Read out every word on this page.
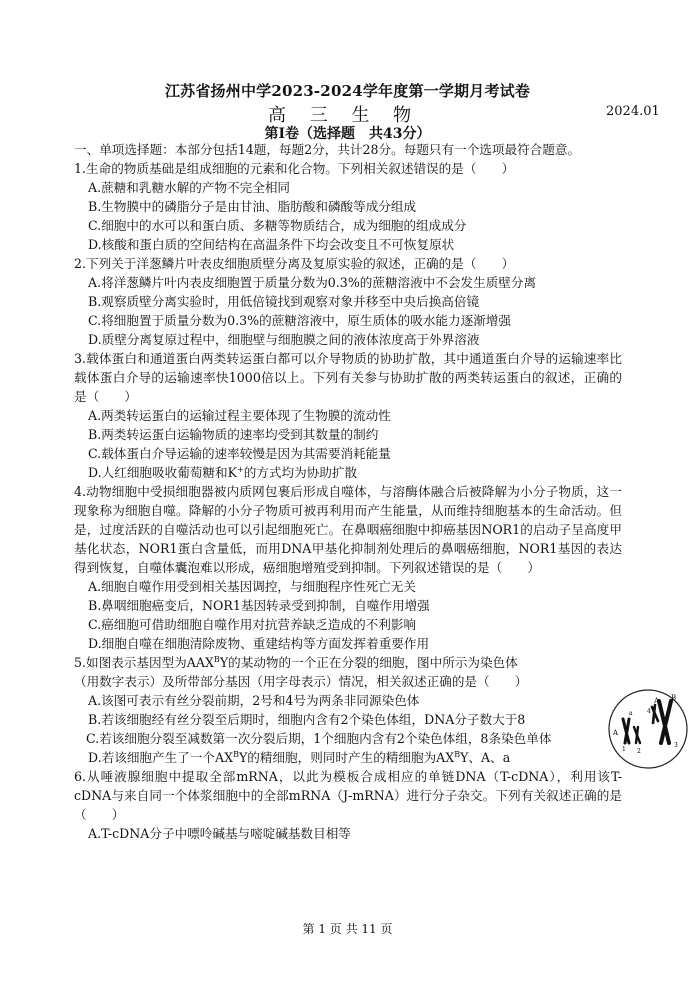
江苏省扬州中学2023-2024学年度第一学期月考试卷
高 三 生 物	2024.01
第Ⅰ卷（选择题　共43分）

一、单项选择题：本部分包括14题，每题2分，共计28分。每题只有一个选项最符合题意。

1.生命的物质基础是组成细胞的元素和化合物。下列相关叙述错误的是（　　）

A.蔗糖和乳糖水解的产物不完全相同

B.生物膜中的磷脂分子是由甘油、脂肪酸和磷酸等成分组成

C.细胞中的水可以和蛋白质、多糖等物质结合，成为细胞的组成成分

D.核酸和蛋白质的空间结构在高温条件下均会改变且不可恢复原状

2.下列关于洋葱鳞片叶表皮细胞质壁分离及复原实验的叙述，正确的是（　　）

A.将洋葱鳞片叶内表皮细胞置于质量分数为0.3%的蔗糖溶液中不会发生质壁分离

B.观察质壁分离实验时，用低倍镜找到观察对象并移至中央后换高倍镜

C.将细胞置于质量分数为0.3%的蔗糖溶液中，原生质体的吸水能力逐渐增强

D.质壁分离复原过程中，细胞壁与细胞膜之间的液体浓度高于外界溶液

3.载体蛋白和通道蛋白两类转运蛋白都可以介导物质的协助扩散，其中通道蛋白介导的运输速率比载体蛋白介导的运输速率快1000倍以上。下列有关参与协助扩散的两类转运蛋白的叙述，正确的是（　　）

A.两类转运蛋白的运输过程主要体现了生物膜的流动性

B.两类转运蛋白运输物质的速率均受到其数量的制约

C.载体蛋白介导运输的速率较慢是因为其需要消耗能量

D.人红细胞吸收葡萄糖和K+的方式均为协助扩散

4.动物细胞中受损细胞器被内质网包裹后形成自噬体，与溶酶体融合后被降解为小分子物质，这一现象称为细胞自噬。降解的小分子物质可被再利用而产生能量，从而维持细胞基本的生命活动。但是，过度活跃的自噬活动也可以引起细胞死亡。在鼻咽癌细胞中抑癌基因NOR1的启动子呈高度甲基化状态，NOR1蛋白含量低，而用DNA甲基化抑制剂处理后的鼻咽癌细胞，NOR1基因的表达得到恢复，自噬体囊泡难以形成，癌细胞增殖受到抑制。下列叙述错误的是（　　）

A.细胞自噬作用受到相关基因调控，与细胞程序性死亡无关

B.鼻咽细胞癌变后，NOR1基因转录受到抑制，自噬作用增强

C.癌细胞可借助细胞自噬作用对抗营养缺乏造成的不利影响

D.细胞自噬在细胞清除废物、重建结构等方面发挥着重要作用

5.如图表示基因型为$AAX^BY$的某动物的一个正在分裂的细胞，图中所示为染色体

（用数字表示）及所带部分基因（用字母表示）情况，相关叙述正确的是（　　）

A.该图可表示有丝分裂前期，2号和4号为两条非同源染色体

B.若该细胞经有丝分裂至后期时，细胞内含有2个染色体组，DNA分子数大于8

C.若该细胞分裂至减数第一次分裂后期，1个细胞内含有2个染色体组，8条染色单体

D.若该细胞产生了一个$AX^BY$的精细胞，则同时产生的精细胞为$AX^BY$、A、a

6.从唾液腺细胞中提取全部mRNA，以此为模板合成相应的单链DNA（T-cDNA），利用该T-cDNA与来自同一个体浆细胞中的全部mRNA（J-mRNA）进行分子杂交。下列有关叙述正确的是（　　）

A.T-cDNA分子中嘌呤碱基与嘧啶碱基数目相等

a
A
A B
1 2
3
4
第 1 页 共 11 页
